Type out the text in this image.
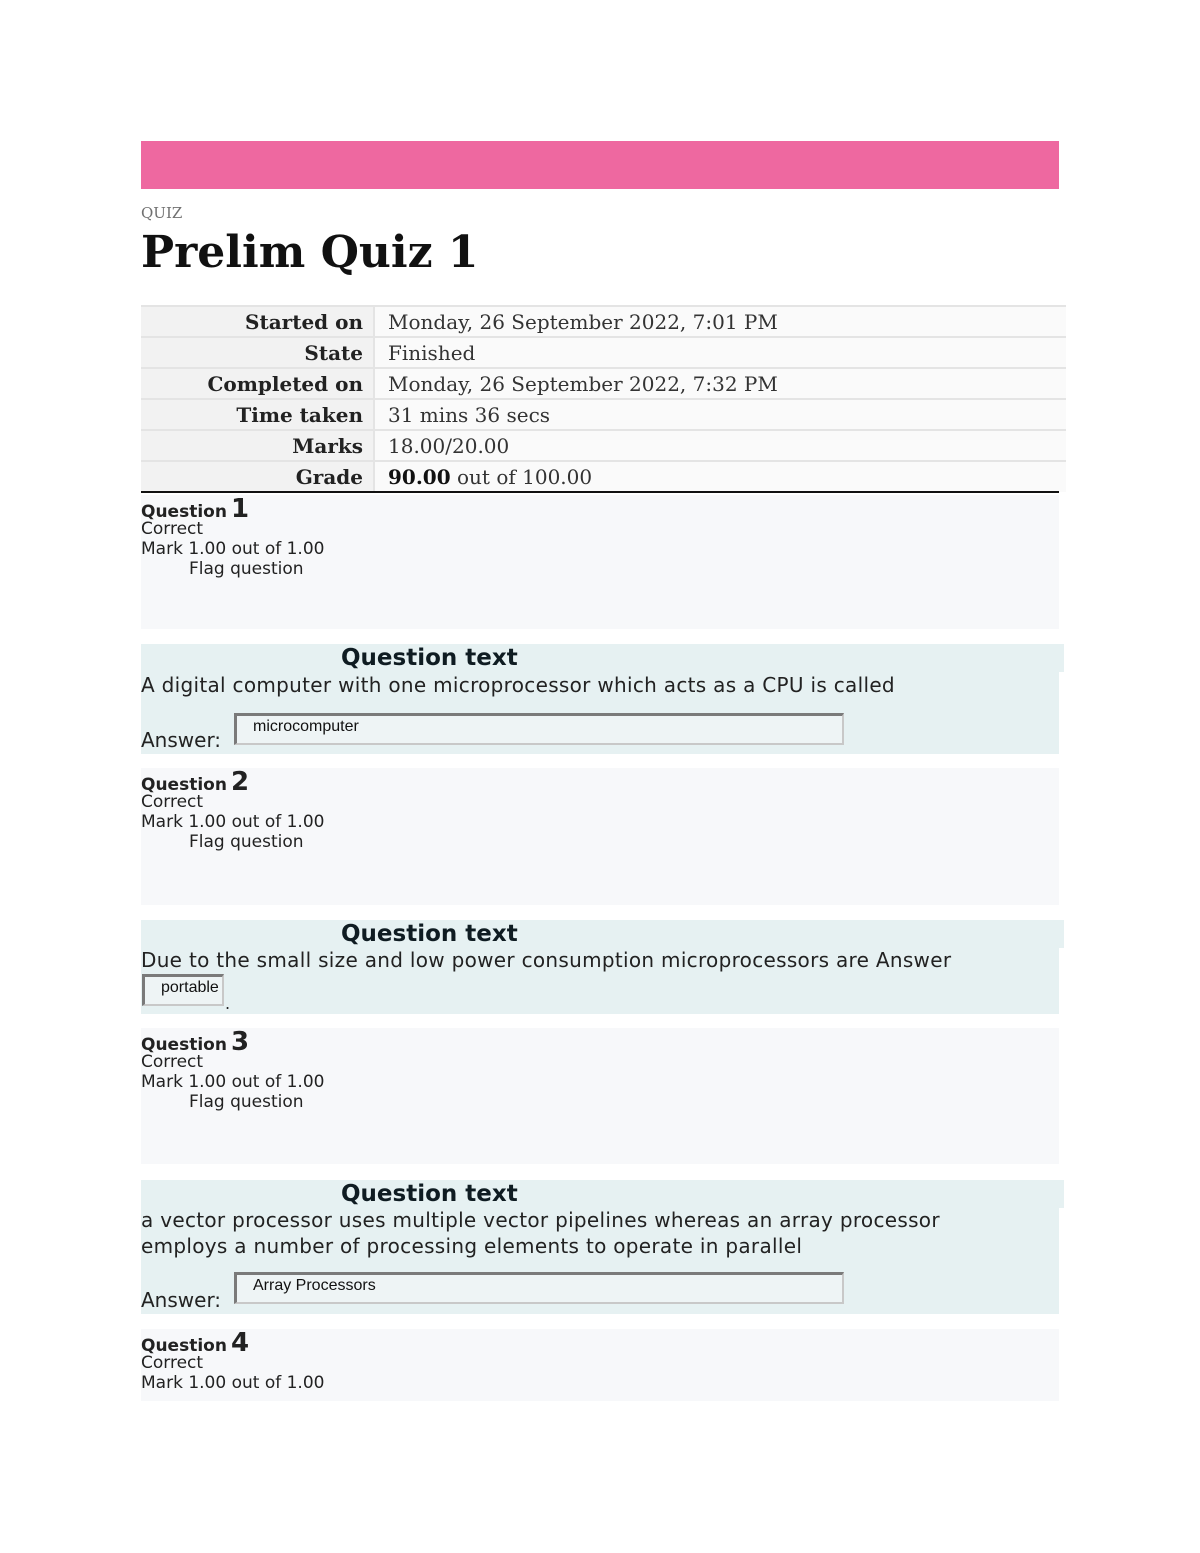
QUIZ
Prelim Quiz 1
Started on	Monday, 26 September 2022, 7:01 PM
State	Finished
Completed on	Monday, 26 September 2022, 7:32 PM
Time taken	31 mins 36 secs
Marks	18.00/20.00
Grade	90.00 out of 100.00
Question 1
Correct
Mark 1.00 out of 1.00
Flag question
Question text
A digital computer with one microprocessor which acts as a CPU is called
Answer:
microcomputer
Question 2
Correct
Mark 1.00 out of 1.00
Flag question
Question text
Due to the small size and low power consumption microprocessors are Answer
portable
.
Question 3
Correct
Mark 1.00 out of 1.00
Flag question
Question text
a vector processor uses multiple vector pipelines whereas an array processor
employs a number of processing elements to operate in parallel
Answer:
Array Processors
Question 4
Correct
Mark 1.00 out of 1.00
